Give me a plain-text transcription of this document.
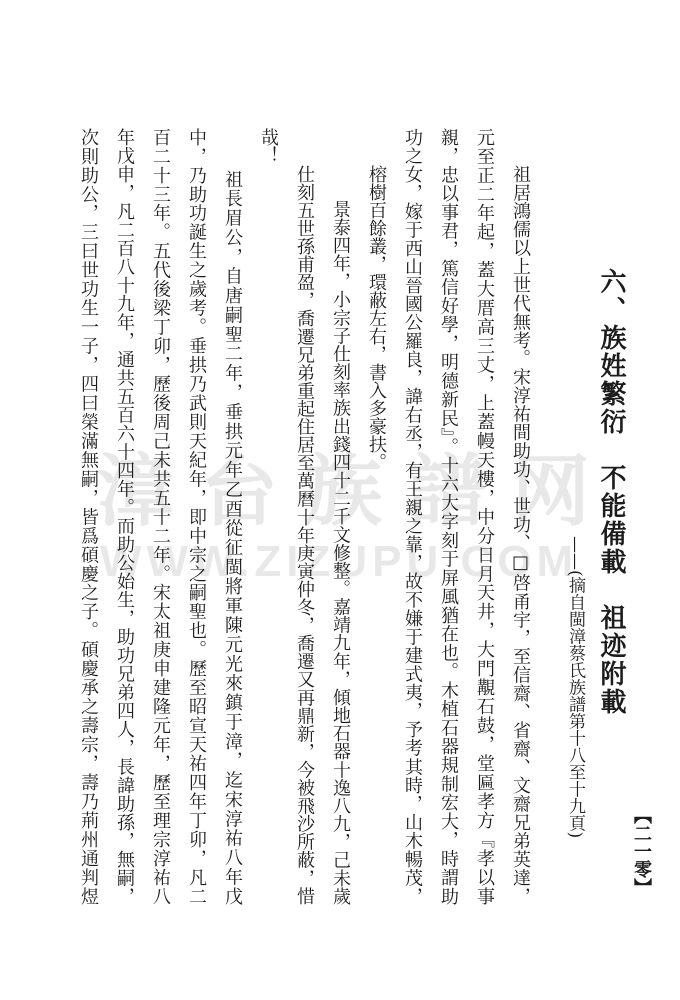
漳台族譜网
WWW.ZIZUPU.COM 六、族姓繁衍　不能備載　祖迹附載
——(摘自閩漳蔡氏族譜第十八至十九頁)
祖居鴻儒以上世代無考。宋淳祐間助功、世功、□啓甬宇，至信齋、省齋、文齋兄弟英達，
元至正二年起，蓋大厝高三丈，上蓋幔天樓，中分日月天井，大門覯石鼓，堂匾孝方『孝以事
親，忠以事君，篤信好學，明德新民』。十六大字刻于屏風猶在也。木植石器規制宏大，時謂助
功之女，嫁于西山晉國公羅良，諱右丞，有王親之靠，故不嫌于建式夷，予考其時，山木暢茂，
榕樹百餘叢，環蔽左右，書入多豪扶。
景泰四年，小宗子仕刻率族出錢四十二千文修整。嘉靖九年，傾地石器十逸八九，己未歲
仕刻五世孫甫盈，喬遷兄弟重起住居至萬曆十年庚寅仲冬，喬遷又再鼎新，今被飛沙所蔽，惜
哉！
祖長眉公，自唐嗣聖二年，垂拱元年乙酉從征閩將軍陳元光來鎮于漳，迄宋淳祐八年戊
中，乃助功誕生之歲考。垂拱乃武則天紀年，即中宗之嗣聖也。歷至昭宣天祐四年丁卯，凡二
百二十三年。五代後梁丁卯，歷後周己未共五十二年。宋太祖庚申建隆元年，歷至理宗淳祐八
年戊申，凡二百八十九年，通共五百六十四年。而助公始生，助功兄弟四人，長諱助孫，無嗣，
次則助公，三曰世功生一子，四曰榮滿無嗣，皆爲碩慶之子。碩慶承之壽宗，壽乃荊州通判煜	【二一零】
